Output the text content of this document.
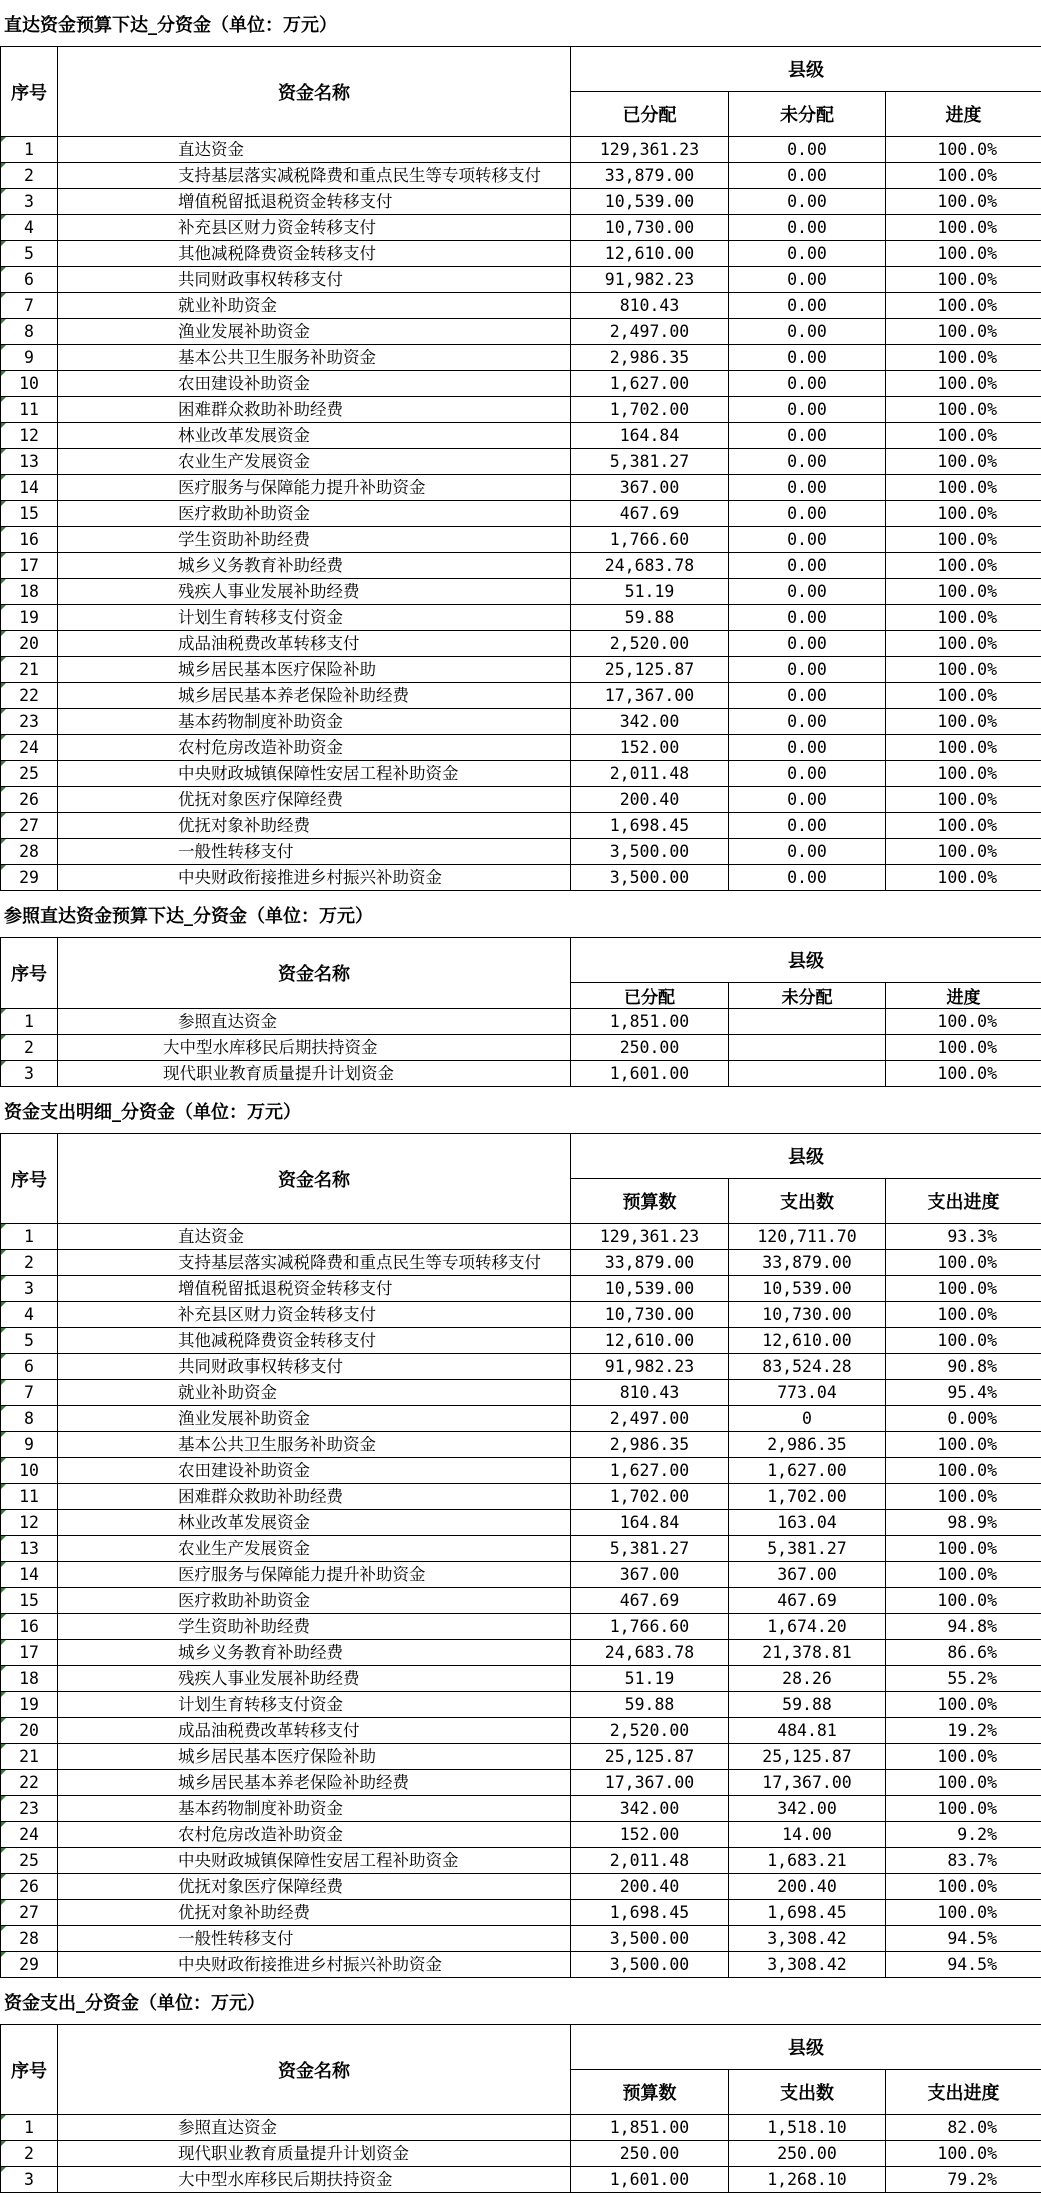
直达资金预算下达_分资金（单位：万元）
序号	资金名称	县级		
		已分配	未分配	进度
1	直达资金	129,361.23	0.00	100.0%
2	支持基层落实减税降费和重点民生等专项转移支付	33,879.00	0.00	100.0%
3	增值税留抵退税资金转移支付	10,539.00	0.00	100.0%
4	补充县区财力资金转移支付	10,730.00	0.00	100.0%
5	其他减税降费资金转移支付	12,610.00	0.00	100.0%
6	共同财政事权转移支付	91,982.23	0.00	100.0%
7	就业补助资金	810.43	0.00	100.0%
8	渔业发展补助资金	2,497.00	0.00	100.0%
9	基本公共卫生服务补助资金	2,986.35	0.00	100.0%
10	农田建设补助资金	1,627.00	0.00	100.0%
11	困难群众救助补助经费	1,702.00	0.00	100.0%
12	林业改革发展资金	164.84	0.00	100.0%
13	农业生产发展资金	5,381.27	0.00	100.0%
14	医疗服务与保障能力提升补助资金	367.00	0.00	100.0%
15	医疗救助补助资金	467.69	0.00	100.0%
16	学生资助补助经费	1,766.60	0.00	100.0%
17	城乡义务教育补助经费	24,683.78	0.00	100.0%
18	残疾人事业发展补助经费	51.19	0.00	100.0%
19	计划生育转移支付资金	59.88	0.00	100.0%
20	成品油税费改革转移支付	2,520.00	0.00	100.0%
21	城乡居民基本医疗保险补助	25,125.87	0.00	100.0%
22	城乡居民基本养老保险补助经费	17,367.00	0.00	100.0%
23	基本药物制度补助资金	342.00	0.00	100.0%
24	农村危房改造补助资金	152.00	0.00	100.0%
25	中央财政城镇保障性安居工程补助资金	2,011.48	0.00	100.0%
26	优抚对象医疗保障经费	200.40	0.00	100.0%
27	优抚对象补助经费	1,698.45	0.00	100.0%
28	一般性转移支付	3,500.00	0.00	100.0%
29	中央财政衔接推进乡村振兴补助资金	3,500.00	0.00	100.0%
参照直达资金预算下达_分资金（单位：万元）
序号	资金名称	县级		
		已分配	未分配	进度
1	参照直达资金	1,851.00		100.0%
2	大中型水库移民后期扶持资金	250.00		100.0%
3	现代职业教育质量提升计划资金	1,601.00		100.0%
资金支出明细_分资金（单位：万元）
序号	资金名称	县级		
		预算数	支出数	支出进度
1	直达资金	129,361.23	120,711.70	93.3%
2	支持基层落实减税降费和重点民生等专项转移支付	33,879.00	33,879.00	100.0%
3	增值税留抵退税资金转移支付	10,539.00	10,539.00	100.0%
4	补充县区财力资金转移支付	10,730.00	10,730.00	100.0%
5	其他减税降费资金转移支付	12,610.00	12,610.00	100.0%
6	共同财政事权转移支付	91,982.23	83,524.28	90.8%
7	就业补助资金	810.43	773.04	95.4%
8	渔业发展补助资金	2,497.00	0	0.00%
9	基本公共卫生服务补助资金	2,986.35	2,986.35	100.0%
10	农田建设补助资金	1,627.00	1,627.00	100.0%
11	困难群众救助补助经费	1,702.00	1,702.00	100.0%
12	林业改革发展资金	164.84	163.04	98.9%
13	农业生产发展资金	5,381.27	5,381.27	100.0%
14	医疗服务与保障能力提升补助资金	367.00	367.00	100.0%
15	医疗救助补助资金	467.69	467.69	100.0%
16	学生资助补助经费	1,766.60	1,674.20	94.8%
17	城乡义务教育补助经费	24,683.78	21,378.81	86.6%
18	残疾人事业发展补助经费	51.19	28.26	55.2%
19	计划生育转移支付资金	59.88	59.88	100.0%
20	成品油税费改革转移支付	2,520.00	484.81	19.2%
21	城乡居民基本医疗保险补助	25,125.87	25,125.87	100.0%
22	城乡居民基本养老保险补助经费	17,367.00	17,367.00	100.0%
23	基本药物制度补助资金	342.00	342.00	100.0%
24	农村危房改造补助资金	152.00	14.00	9.2%
25	中央财政城镇保障性安居工程补助资金	2,011.48	1,683.21	83.7%
26	优抚对象医疗保障经费	200.40	200.40	100.0%
27	优抚对象补助经费	1,698.45	1,698.45	100.0%
28	一般性转移支付	3,500.00	3,308.42	94.5%
29	中央财政衔接推进乡村振兴补助资金	3,500.00	3,308.42	94.5%
资金支出_分资金（单位：万元）
序号	资金名称	县级		
		预算数	支出数	支出进度
1	参照直达资金	1,851.00	1,518.10	82.0%
2	现代职业教育质量提升计划资金	250.00	250.00	100.0%
3	大中型水库移民后期扶持资金	1,601.00	1,268.10	79.2%
